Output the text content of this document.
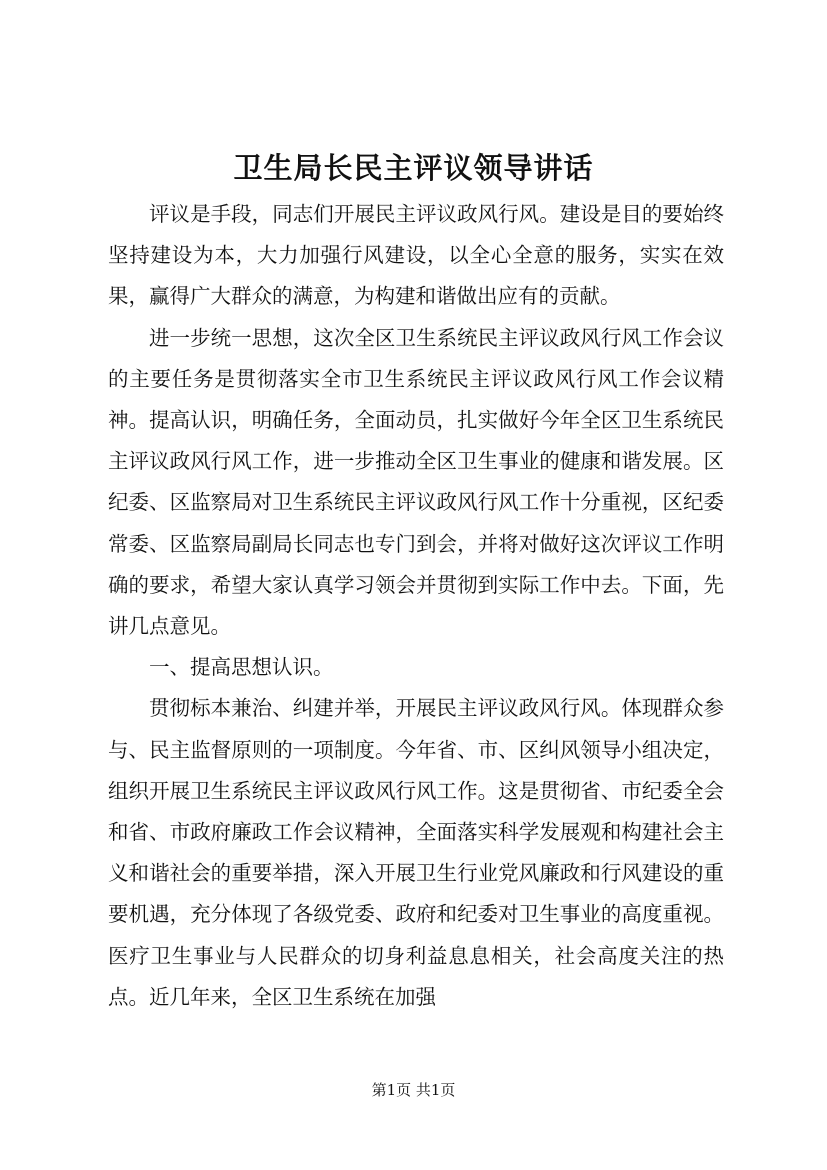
卫生局长民主评议领导讲话

评议是手段，同志们开展民主评议政风行风。建设是目的要始终坚持建设为本，大力加强行风建设，以全心全意的服务，实实在效果，赢得广大群众的满意，为构建和谐做出应有的贡献。

进一步统一思想，这次全区卫生系统民主评议政风行风工作会议的主要任务是贯彻落实全市卫生系统民主评议政风行风工作会议精神。提高认识，明确任务，全面动员，扎实做好今年全区卫生系统民主评议政风行风工作，进一步推动全区卫生事业的健康和谐发展。区纪委、区监察局对卫生系统民主评议政风行风工作十分重视，区纪委常委、区监察局副局长同志也专门到会，并将对做好这次评议工作明确的要求，希望大家认真学习领会并贯彻到实际工作中去。下面，先讲几点意见。

一、提高思想认识。

贯彻标本兼治、纠建并举，开展民主评议政风行风。体现群众参与、民主监督原则的一项制度。今年省、市、区纠风领导小组决定，组织开展卫生系统民主评议政风行风工作。这是贯彻省、市纪委全会和省、市政府廉政工作会议精神，全面落实科学发展观和构建社会主义和谐社会的重要举措，深入开展卫生行业党风廉政和行风建设的重要机遇，充分体现了各级党委、政府和纪委对卫生事业的高度重视。医疗卫生事业与人民群众的切身利益息息相关，社会高度关注的热点。近几年来，全区卫生系统在加强

第1页 共1页
